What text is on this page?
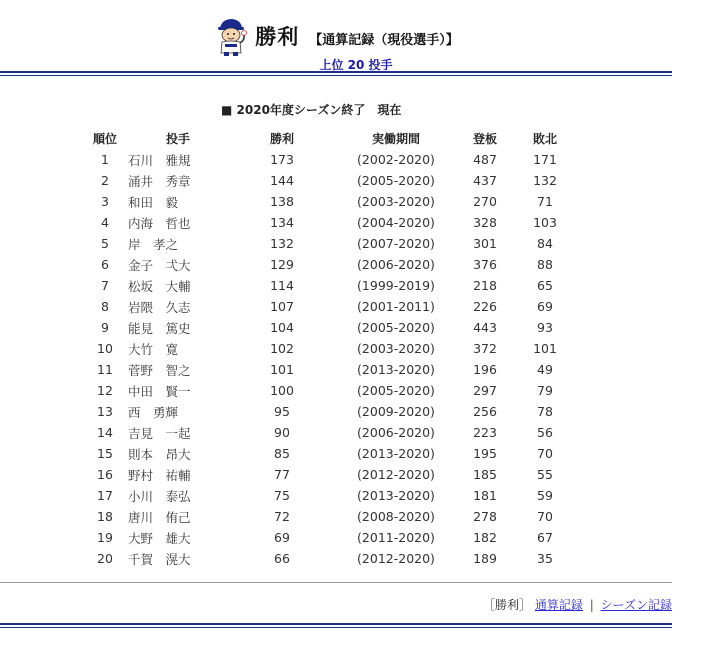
勝利 【通算記録（現役選手）】
上位 20 投手
■ 2020年度シーズン終了　現在
順位	投手	勝利	実働期間	登板	敗北
1	石川　雅規	173	(2002-2020)	487	171
2	涌井　秀章	144	(2005-2020)	437	132
3	和田　毅	138	(2003-2020)	270	71
4	内海　哲也	134	(2004-2020)	328	103
5	岸　孝之	132	(2007-2020)	301	84
6	金子　弌大	129	(2006-2020)	376	88
7	松坂　大輔	114	(1999-2019)	218	65
8	岩隈　久志	107	(2001-2011)	226	69
9	能見　篤史	104	(2005-2020)	443	93
10	大竹　寛	102	(2003-2020)	372	101
11	菅野　智之	101	(2013-2020)	196	49
12	中田　賢一	100	(2005-2020)	297	79
13	西　勇輝	95	(2009-2020)	256	78
14	吉見　一起	90	(2006-2020)	223	56
15	則本　昂大	85	(2013-2020)	195	70
16	野村　祐輔	77	(2012-2020)	185	55
17	小川　泰弘	75	(2013-2020)	181	59
18	唐川　侑己	72	(2008-2020)	278	70
19	大野　雄大	69	(2011-2020)	182	67
20	千賀　滉大	66	(2012-2020)	189	35
［勝利］ 通算記録 | シーズン記録
